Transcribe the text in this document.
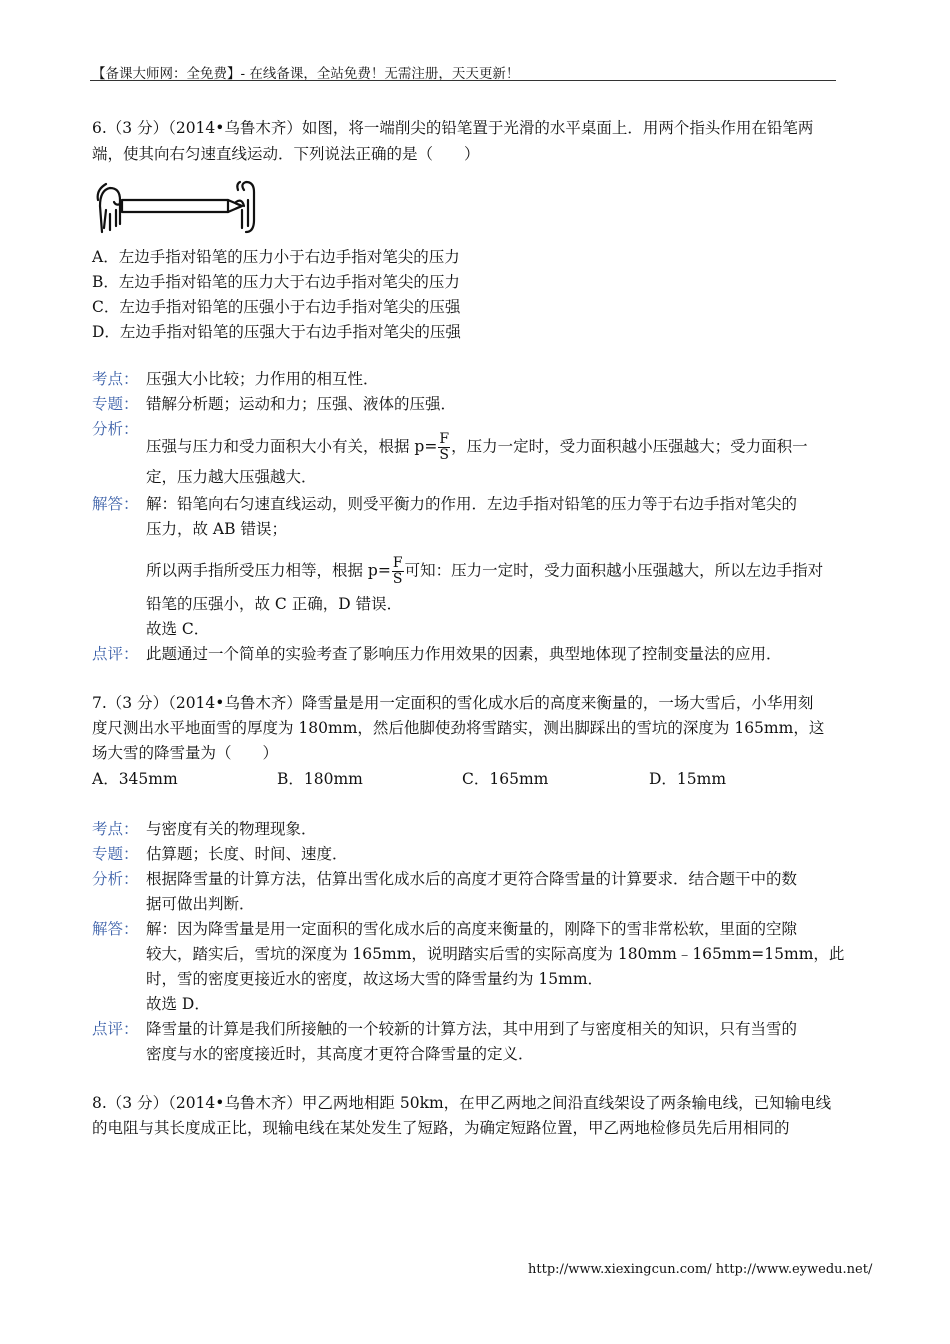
【备课大师网：全免费】- 在线备课，全站免费！无需注册，天天更新！
6.（3 分）（2014•乌鲁木齐）如图，将一端削尖的铅笔置于光滑的水平桌面上．用两个指头作用在铅笔两
端，使其向右匀速直线运动．下列说法正确的是（　　）
A．左边手指对铅笔的压力小于右边手指对笔尖的压力
B．左边手指对铅笔的压力大于右边手指对笔尖的压力
C．左边手指对铅笔的压强小于右边手指对笔尖的压强
D．左边手指对铅笔的压强大于右边手指对笔尖的压强
考点： 压强大小比较；力作用的相互性．
专题： 错解分析题；运动和力；压强、液体的压强．
分析：
压强与压力和受力面积大小有关，根据 $p= \frac{F}{S}$ ，压力一定时，受力面积越小压强越大；受力面积一
定，压力越大压强越大．
解答： 解：铅笔向右匀速直线运动，则受平衡力的作用．左边手指对铅笔的压力等于右边手指对笔尖的
压力，故 AB 错误；
所以两手指所受压力相等，根据 $p= \frac{F}{S}$ 可知：压力一定时，受力面积越小压强越大，所以左边手指对
铅笔的压强小，故 C 正确，D 错误．
故选 C．
点评： 此题通过一个简单的实验考查了影响压力作用效果的因素，典型地体现了控制变量法的应用．
7.（3 分）（2014•乌鲁木齐）降雪量是用一定面积的雪化成水后的高度来衡量的，一场大雪后，小华用刻
度尺测出水平地面雪的厚度为 180mm，然后他脚使劲将雪踏实，测出脚踩出的雪坑的深度为 165mm，这
场大雪的降雪量为（　　）
A．345mm	B．180mm	C．165mm	D．15mm
考点： 与密度有关的物理现象．
专题： 估算题；长度、时间、速度．
分析： 根据降雪量的计算方法，估算出雪化成水后的高度才更符合降雪量的计算要求．结合题干中的数
据可做出判断．
解答： 解：因为降雪量是用一定面积的雪化成水后的高度来衡量的，刚降下的雪非常松软，里面的空隙
较大，踏实后，雪坑的深度为 165mm，说明踏实后雪的实际高度为 180mm﹣165mm=15mm，此
时，雪的密度更接近水的密度，故这场大雪的降雪量约为 15mm．
故选 D．
点评： 降雪量的计算是我们所接触的一个较新的计算方法，其中用到了与密度相关的知识，只有当雪的
密度与水的密度接近时，其高度才更符合降雪量的定义．
8.（3 分）（2014•乌鲁木齐）甲乙两地相距 50km，在甲乙两地之间沿直线架设了两条输电线，已知输电线
的电阻与其长度成正比，现输电线在某处发生了短路，为确定短路位置，甲乙两地检修员先后用相同的
http://www.xiexingcun.com/ http://www.eywedu.net/
